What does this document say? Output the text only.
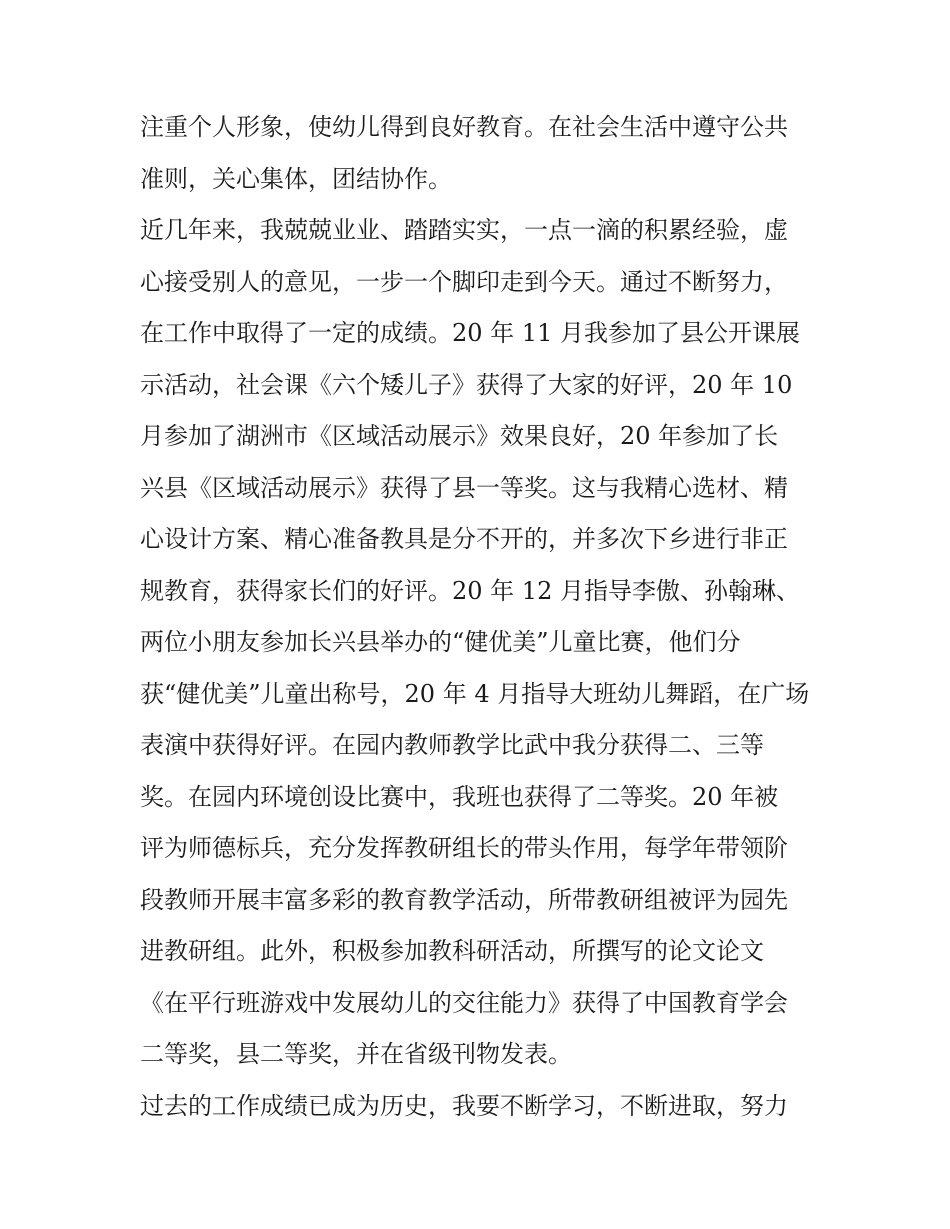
注重个人形象，使幼儿得到良好教育。在社会生活中遵守公共
准则，关心集体，团结协作。
近几年来，我兢兢业业、踏踏实实，一点一滴的积累经验，虚
心接受别人的意见，一步一个脚印走到今天。通过不断努力，
在工作中取得了一定的成绩。20 年 11 月我参加了县公开课展
示活动，社会课《六个矮儿子》获得了大家的好评，20 年 10
月参加了湖洲市《区域活动展示》效果良好，20 年参加了长
兴县《区域活动展示》获得了县一等奖。这与我精心选材、精
心设计方案、精心准备教具是分不开的，并多次下乡进行非正
规教育，获得家长们的好评。20 年 12 月指导李傲、孙翰琳、
两位小朋友参加长兴县举办的“健优美”儿童比赛，他们分
获“健优美”儿童出称号，20 年 4 月指导大班幼儿舞蹈，在广场
表演中获得好评。在园内教师教学比武中我分获得二、三等
奖。在园内环境创设比赛中，我班也获得了二等奖。20 年被
评为师德标兵，充分发挥教研组长的带头作用，每学年带领阶
段教师开展丰富多彩的教育教学活动，所带教研组被评为园先
进教研组。此外，积极参加教科研活动，所撰写的论文论文
《在平行班游戏中发展幼儿的交往能力》获得了中国教育学会
二等奖，县二等奖，并在省级刊物发表。
过去的工作成绩已成为历史，我要不断学习，不断进取，努力
